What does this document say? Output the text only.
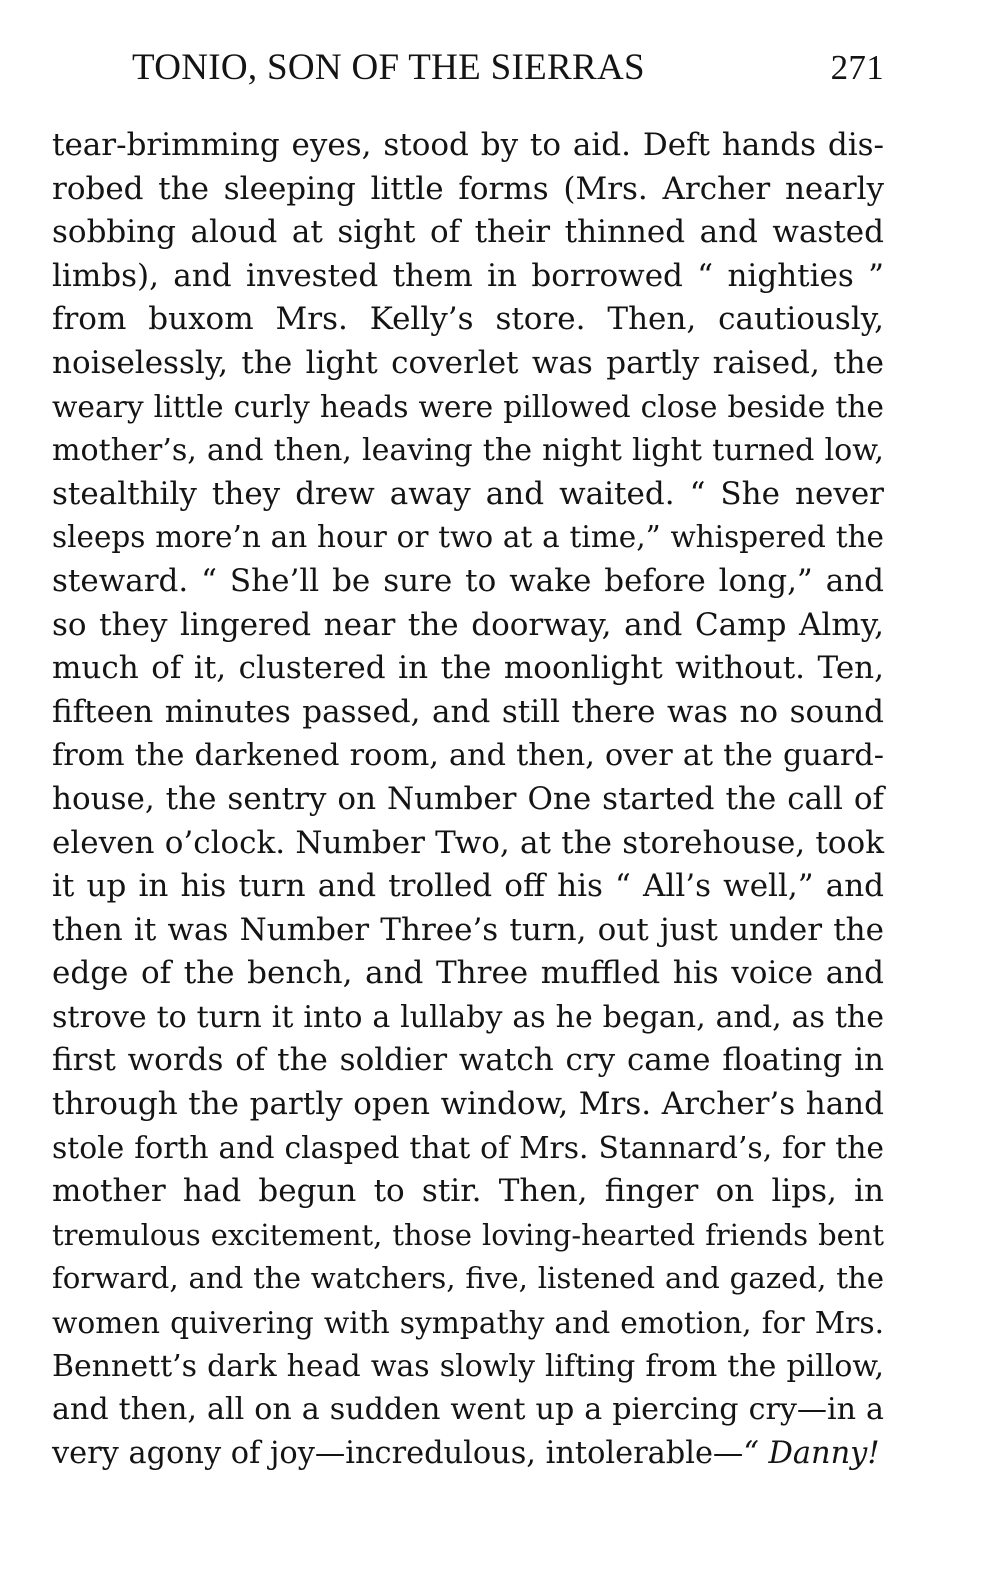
TONIO, SON OF THE SIERRAS	271
tear-brimming eyes, stood by to aid. Deft hands dis-
robed the sleeping little forms (Mrs. Archer nearly
sobbing aloud at sight of their thinned and wasted
limbs), and invested them in borrowed “ nighties ”
from buxom Mrs. Kelly’s store. Then, cautiously,
noiselessly, the light coverlet was partly raised, the
weary little curly heads were pillowed close beside the
mother’s, and then, leaving the night light turned low,
stealthily they drew away and waited. “ She never
sleeps more’n an hour or two at a time,” whispered the
steward. “ She’ll be sure to wake before long,” and
so they lingered near the doorway, and Camp Almy,
much of it, clustered in the moonlight without. Ten,
fifteen minutes passed, and still there was no sound
from the darkened room, and then, over at the guard-
house, the sentry on Number One started the call of
eleven o’clock. Number Two, at the storehouse, took
it up in his turn and trolled off his “ All’s well,” and
then it was Number Three’s turn, out just under the
edge of the bench, and Three muffled his voice and
strove to turn it into a lullaby as he began, and, as the
first words of the soldier watch cry came floating in
through the partly open window, Mrs. Archer’s hand
stole forth and clasped that of Mrs. Stannard’s, for the
mother had begun to stir. Then, finger on lips, in
tremulous excitement, those loving-hearted friends bent
forward, and the watchers, five, listened and gazed, the
women quivering with sympathy and emotion, for Mrs.
Bennett’s dark head was slowly lifting from the pillow,
and then, all on a sudden went up a piercing cry—in a
very agony of joy—incredulous, intolerable—“ Danny!
